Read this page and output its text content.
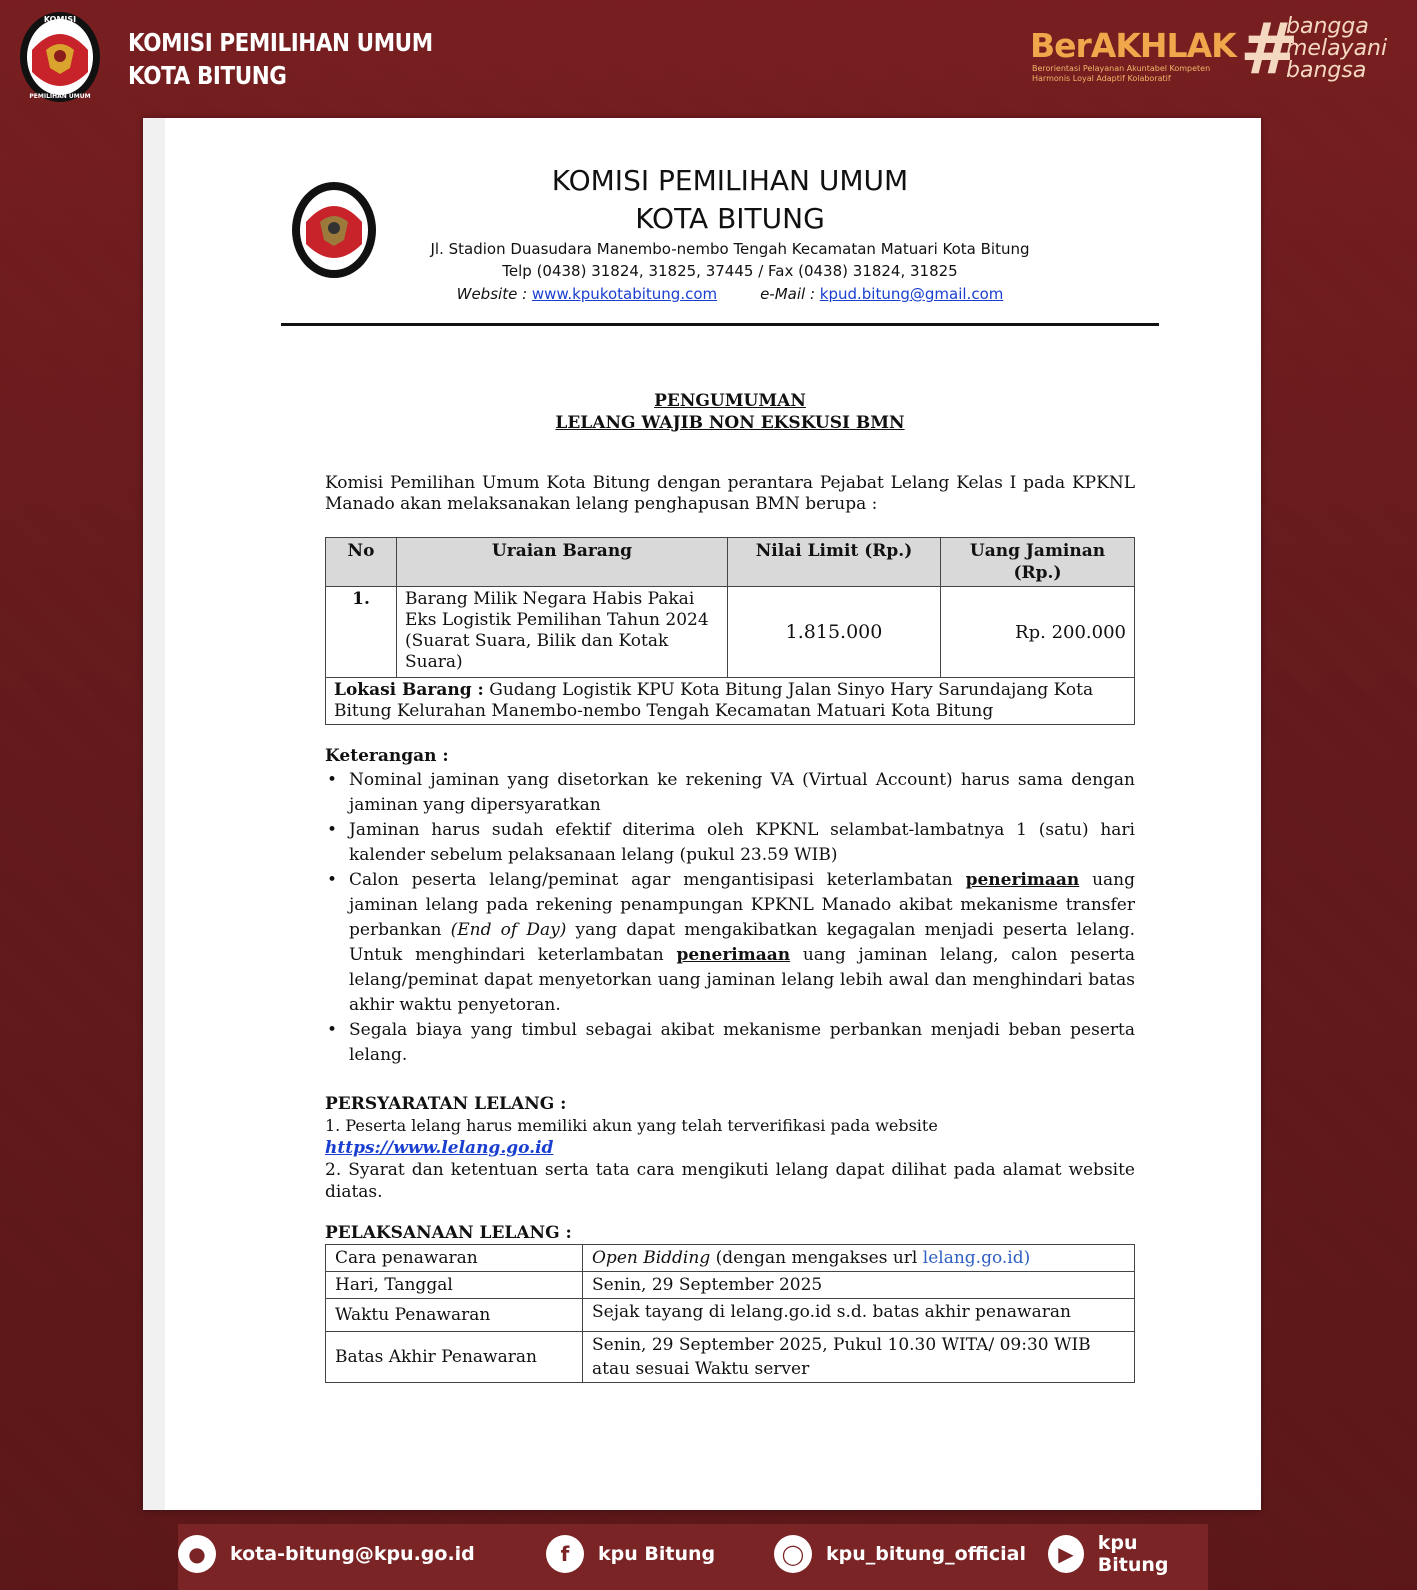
KOMISI
PEMILIHAN UMUM
KOMISI PEMILIHAN UMUM
KOTA BITUNG
BerAKHLAK
Berorientasi Pelayanan Akuntabel Kompeten Harmonis Loyal Adaptif Kolaboratif #
bangga
melayani
bangsa
KOMISI PEMILIHAN UMUM
KOTA BITUNG
Jl. Stadion Duasudara Manembo-nembo Tengah Kecamatan Matuari Kota Bitung
Telp (0438) 31824, 31825, 37445 / Fax (0438) 31824, 31825
Website : www.kpukotabitung.com	e-Mail : kpud.bitung@gmail.com
PENGUMUMAN
LELANG WAJIB NON EKSKUSI BMN
Komisi Pemilihan Umum Kota Bitung dengan perantara Pejabat Lelang Kelas I pada KPKNL Manado akan melaksanakan lelang penghapusan BMN berupa :
No	Uraian Barang	Nilai Limit (Rp.)	Uang Jaminan (Rp.)
1.	Barang Milik Negara Habis Pakai Eks Logistik Pemilihan Tahun 2024 (Suarat Suara, Bilik dan Kotak Suara)	1.815.000	Rp. 200.000
Lokasi Barang : Gudang Logistik KPU Kota Bitung Jalan Sinyo Hary Sarundajang Kota Bitung Kelurahan Manembo-nembo Tengah Kecamatan Matuari Kota Bitung			
Keterangan :
• Nominal jaminan yang disetorkan ke rekening VA (Virtual Account) harus sama dengan jaminan yang dipersyaratkan
• Jaminan harus sudah efektif diterima oleh KPKNL selambat-lambatnya 1 (satu) hari kalender sebelum pelaksanaan lelang (pukul 23.59 WIB)
• Calon peserta lelang/peminat agar mengantisipasi keterlambatan penerimaan uang jaminan lelang pada rekening penampungan KPKNL Manado akibat mekanisme transfer perbankan (End of Day) yang dapat mengakibatkan kegagalan menjadi peserta lelang. Untuk menghindari keterlambatan penerimaan uang jaminan lelang, calon peserta lelang/peminat dapat menyetorkan uang jaminan lelang lebih awal dan menghindari batas akhir waktu penyetoran.
• Segala biaya yang timbul sebagai akibat mekanisme perbankan menjadi beban peserta lelang.
PERSYARATAN LELANG :
1. Peserta lelang harus memiliki akun yang telah terverifikasi pada website
https://www.lelang.go.id
2. Syarat dan ketentuan serta tata cara mengikuti lelang dapat dilihat pada alamat website diatas.
PELAKSANAAN LELANG :
Cara penawaran	Open Bidding (dengan mengakses url lelang.go.id)
Hari, Tanggal	Senin, 29 September 2025
Waktu Penawaran	Sejak tayang di lelang.go.id s.d. batas akhir penawaran
Batas Akhir Penawaran	Senin, 29 September 2025, Pukul 10.30 WITA/ 09:30 WIB
atau sesuai Waktu server
●	kota-bitung@kpu.go.id	f	kpu Bitung	◯	kpu_bitung_official	▶	kpu Bitung
